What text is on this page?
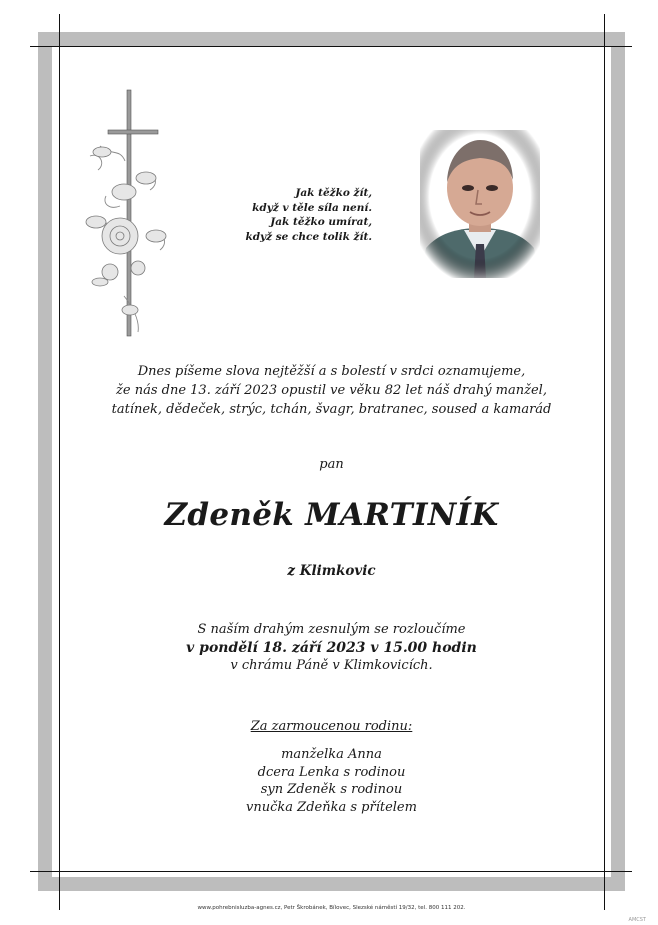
Jak těžko žít,
když v těle síla není.
Jak těžko umírat,
když se chce tolik žít.
Dnes píšeme slova nejtěžší a s bolestí v srdci oznamujeme,
že nás dne 13. září 2023 opustil ve věku 82 let náš drahý manžel,
tatínek, dědeček, strýc, tchán, švagr, bratranec, soused a kamarád
pan
Zdeněk MARTINÍK
z Klimkovic
S naším drahým zesnulým se rozloučíme
v pondělí 18. září 2023 v 15.00 hodin
v chrámu Páně v Klimkovicích.
Za zarmoucenou rodinu:
manželka Anna
dcera Lenka s rodinou
syn Zdeněk s rodinou
vnučka Zdeňka s přítelem
www.pohrebnisluzba-agnes.cz, Petr Škrobánek, Bílovec, Slezské náměstí 19/32, tel. 800 111 202.
AMCST
